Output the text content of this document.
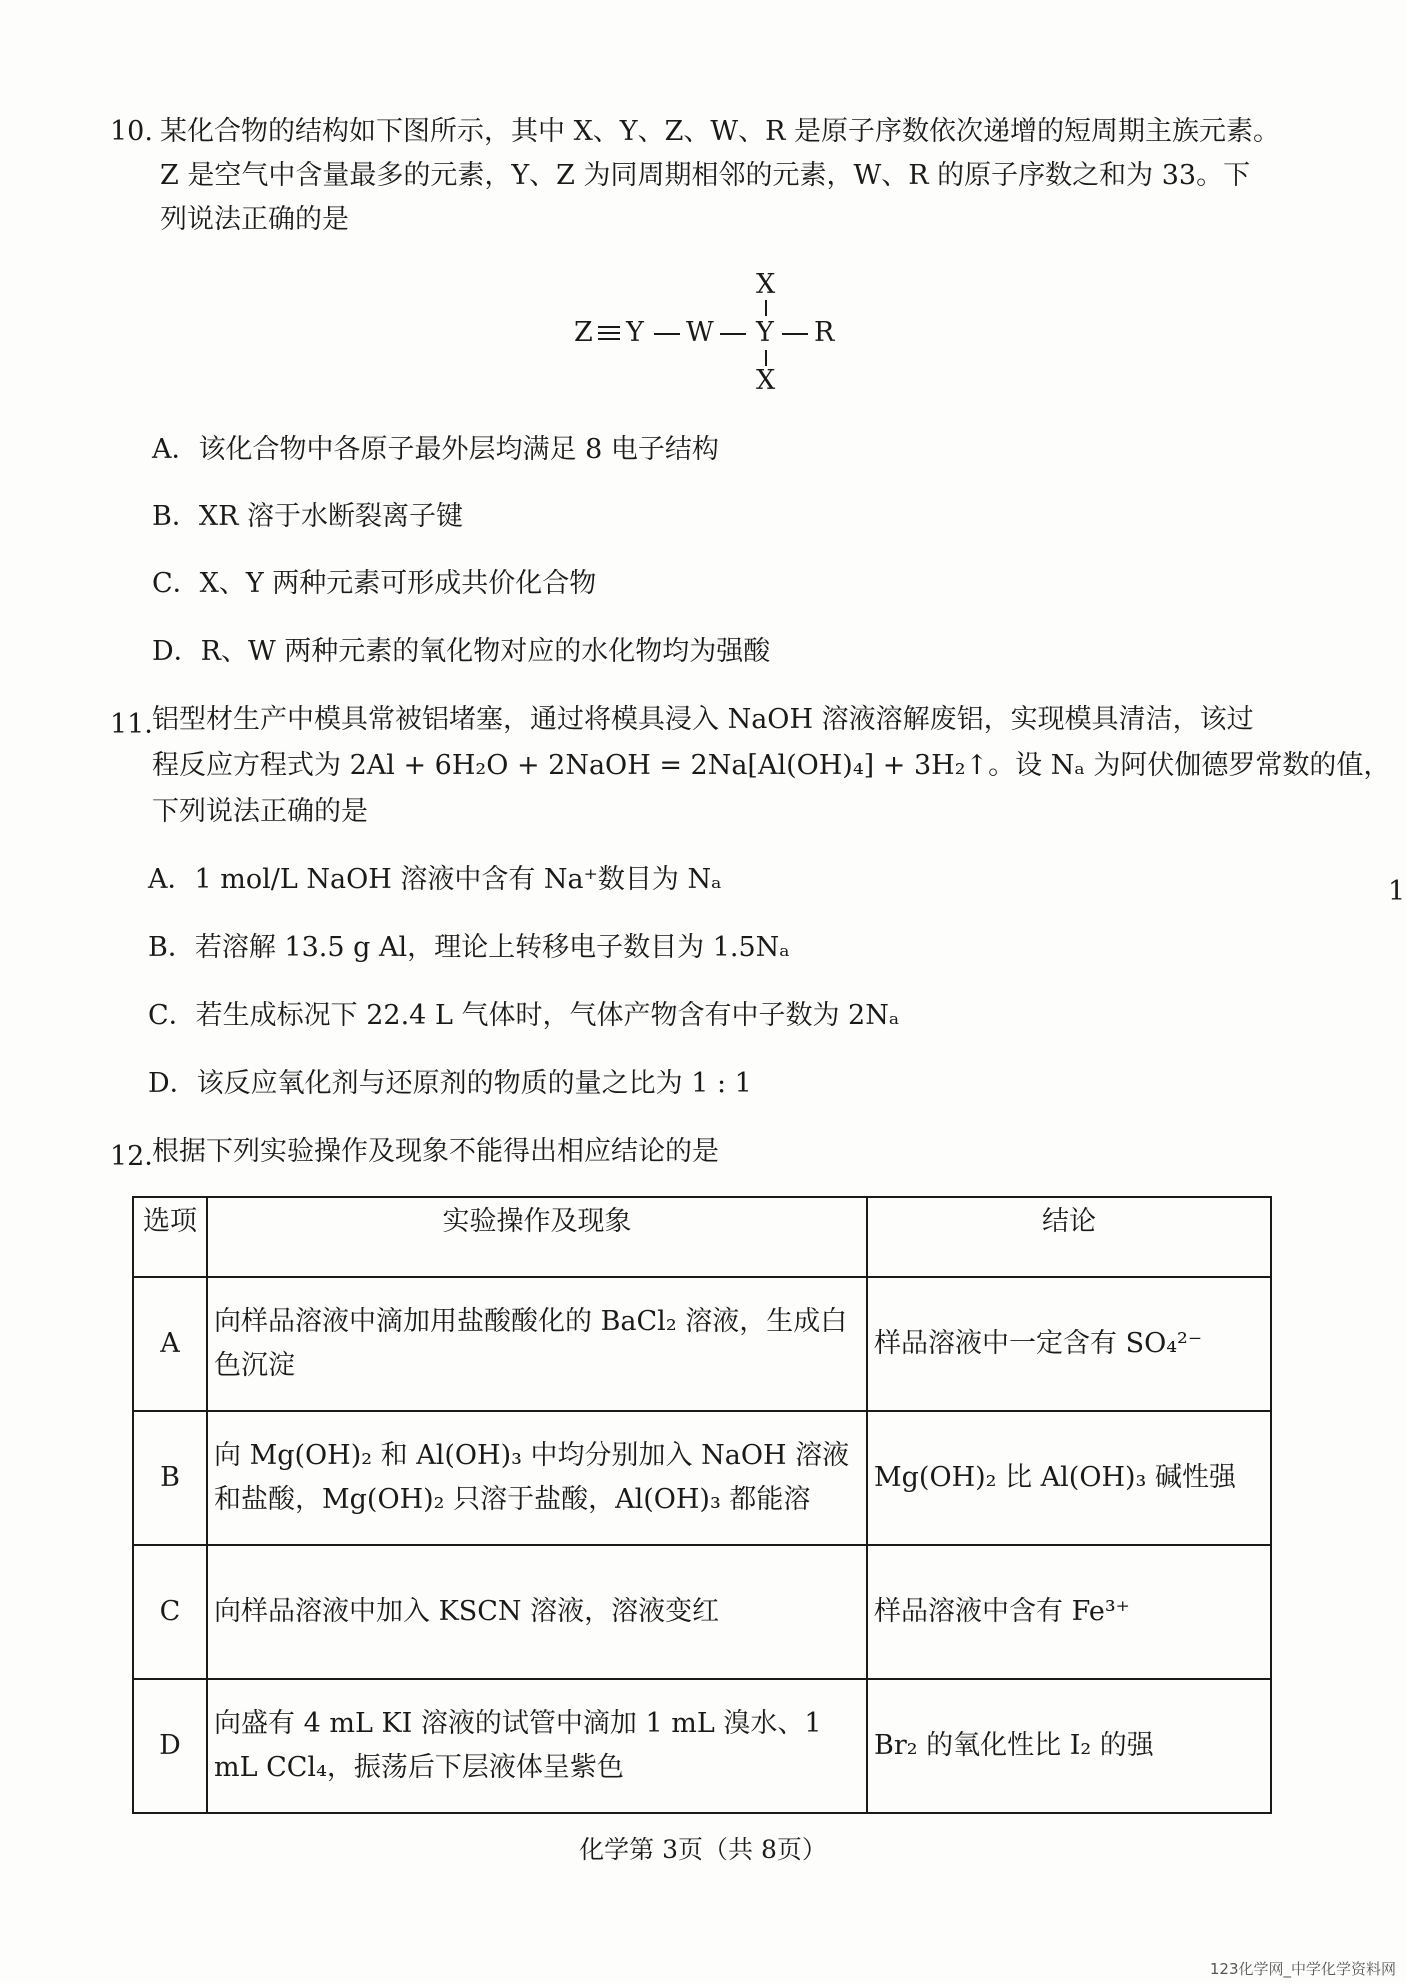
10. 某化合物的结构如下图所示，其中 X、Y、Z、W、R 是原子序数依次递增的短周期主族元素。
Z 是空气中含量最多的元素，Y、Z 为同周期相邻的元素，W、R 的原子序数之和为 33。下
列说法正确的是
X
Z Y W Y R
X
A．该化合物中各原子最外层均满足 8 电子结构
B．XR 溶于水断裂离子键
C．X、Y 两种元素可形成共价化合物
D．R、W 两种元素的氧化物对应的水化物均为强酸
11．
铝型材生产中模具常被铝堵塞，通过将模具浸入 NaOH 溶液溶解废铝，实现模具清洁，该过
程反应方程式为 2Al + 6H₂O + 2NaOH = 2Na[Al(OH)₄] + 3H₂↑。设 Nₐ 为阿伏伽德罗常数的值，
下列说法正确的是
A．1 mol/L NaOH 溶液中含有 Na⁺数目为 Nₐ
B．若溶解 13.5 g Al，理论上转移电子数目为 1.5Nₐ
C．若生成标况下 22.4 L 气体时，气体产物含有中子数为 2Nₐ
D．该反应氧化剂与还原剂的物质的量之比为 1 : 1
1
12．
根据下列实验操作及现象不能得出相应结论的是
选项	实验操作及现象	结论
A	向样品溶液中滴加用盐酸酸化的 BaCl₂ 溶液，生成白色沉淀	样品溶液中一定含有 SO₄²⁻
B	向 Mg(OH)₂ 和 Al(OH)₃ 中均分别加入 NaOH 溶液和盐酸，Mg(OH)₂ 只溶于盐酸，Al(OH)₃ 都能溶	Mg(OH)₂ 比 Al(OH)₃ 碱性强
C	向样品溶液中加入 KSCN 溶液，溶液变红	样品溶液中含有 Fe³⁺
D	向盛有 4 mL KI 溶液的试管中滴加 1 mL 溴水、1 mL CCl₄，振荡后下层液体呈紫色	Br₂ 的氧化性比 I₂ 的强
化学第 3页（共 8页）
123化学网_中学化学资料网
